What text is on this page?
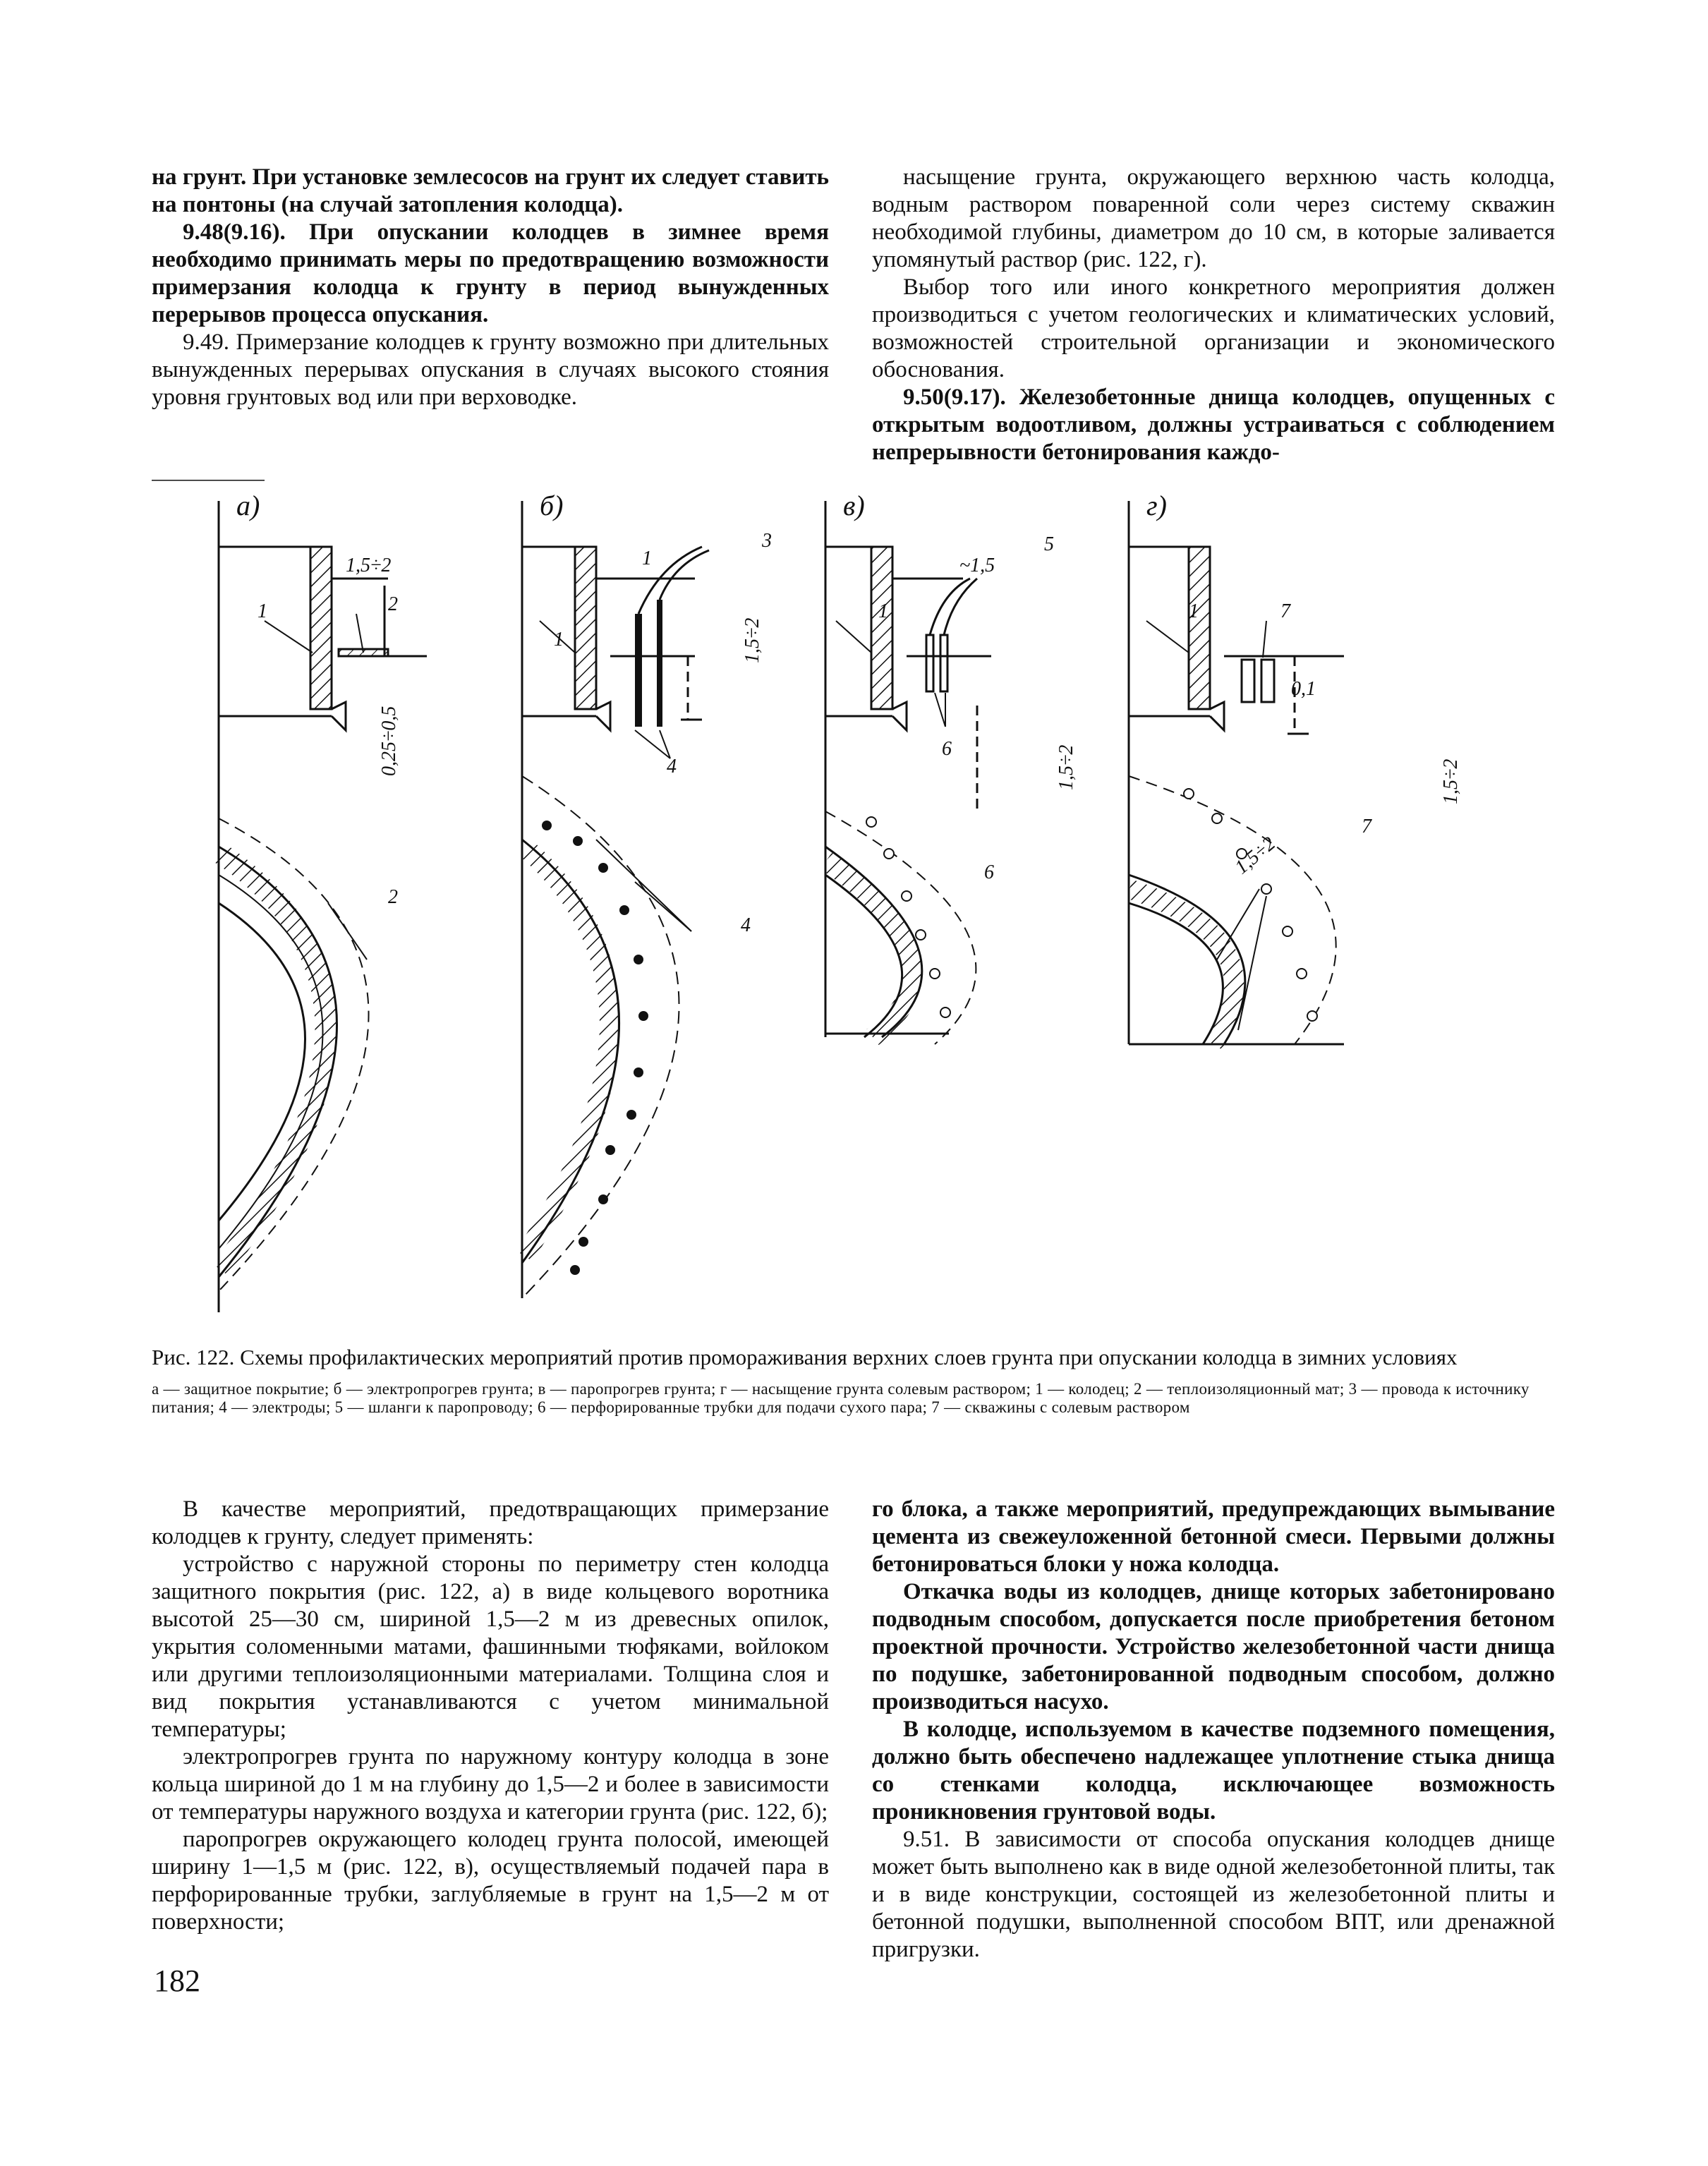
на грунт. При установке землесосов на грунт их следует ставить на понтоны (на случай затопления колодца).

9.48(9.16). При опускании колодцев в зимнее время необходимо принимать меры по предотвращению возможности примерзания колодца к грунту в период вынужденных перерывов процесса опускания.

9.49. Примерзание колодцев к грунту возможно при длительных вынужденных перерывах опускания в случаях высокого стояния уровня грунтовых вод или при верховодке.

насыщение грунта, окружающего верхнюю часть колодца, водным раствором поваренной соли через систему скважин необходимой глубины, диаметром до 10 см, в которые заливается упомянутый раствор (рис. 122, г).

Выбор того или иного конкретного мероприятия должен производиться с учетом геологических и климатических условий, возможностей строительной организации и экономического обоснования.

9.50(9.17). Железобетонные днища колодцев, опущенных с открытым водоотливом, должны устраиваться с соблюдением непрерывности бетонирования каждо-

а)	б)	в)	г)
1,5÷2
0,25÷0,5
1,5÷2
~1,5
1,5÷2	1,5÷2
0,1
1,5÷2
1	2
2
1
1
3
4
4
1
5
6
6
1	7
7

Рис. 122. Схемы профилактических мероприятий против промораживания верхних слоев грунта при опускании колодца в зимних условиях

а — защитное покрытие; б — электропрогрев грунта; в — паропрогрев грунта; г — насыщение грунта солевым раствором; 1 — колодец; 2 — теплоизоляционный мат; 3 — провода к источнику питания; 4 — электроды; 5 — шланги к паропроводу; 6 — перфорированные трубки для подачи сухого пара; 7 — скважины с солевым раствором

В качестве мероприятий, предотвращающих примерзание колодцев к грунту, следует применять:

устройство с наружной стороны по периметру стен колодца защитного покрытия (рис. 122, а) в виде кольцевого воротника высотой 25—30 см, шириной 1,5—2 м из древесных опилок, укрытия соломенными матами, фашинными тюфяками, войлоком или другими теплоизоляционными материалами. Толщина слоя и вид покрытия устанавливаются с учетом минимальной температуры;

электропрогрев грунта по наружному контуру колодца в зоне кольца шириной до 1 м на глубину до 1,5—2 и более в зависимости от температуры наружного воздуха и категории грунта (рис. 122, б);

паропрогрев окружающего колодец грунта полосой, имеющей ширину 1—1,5 м (рис. 122, в), осуществляемый подачей пара в перфорированные трубки, заглубляемые в грунт на 1,5—2 м от поверхности;

го блока, а также мероприятий, предупреждающих вымывание цемента из свежеуложенной бетонной смеси. Первыми должны бетонироваться блоки у ножа колодца.

Откачка воды из колодцев, днище которых забетонировано подводным способом, допускается после приобретения бетоном проектной прочности. Устройство железобетонной части днища по подушке, забетонированной подводным способом, должно производиться насухо.

В колодце, используемом в качестве подземного помещения, должно быть обеспечено надлежащее уплотнение стыка днища со стенками колодца, исключающее возможность проникновения грунтовой воды.

9.51. В зависимости от способа опускания колодцев днище может быть выполнено как в виде одной железобетонной плиты, так и в виде конструкции, состоящей из железобетонной плиты и бетонной подушки, выполненной способом ВПТ, или дренажной пригрузки.

182
